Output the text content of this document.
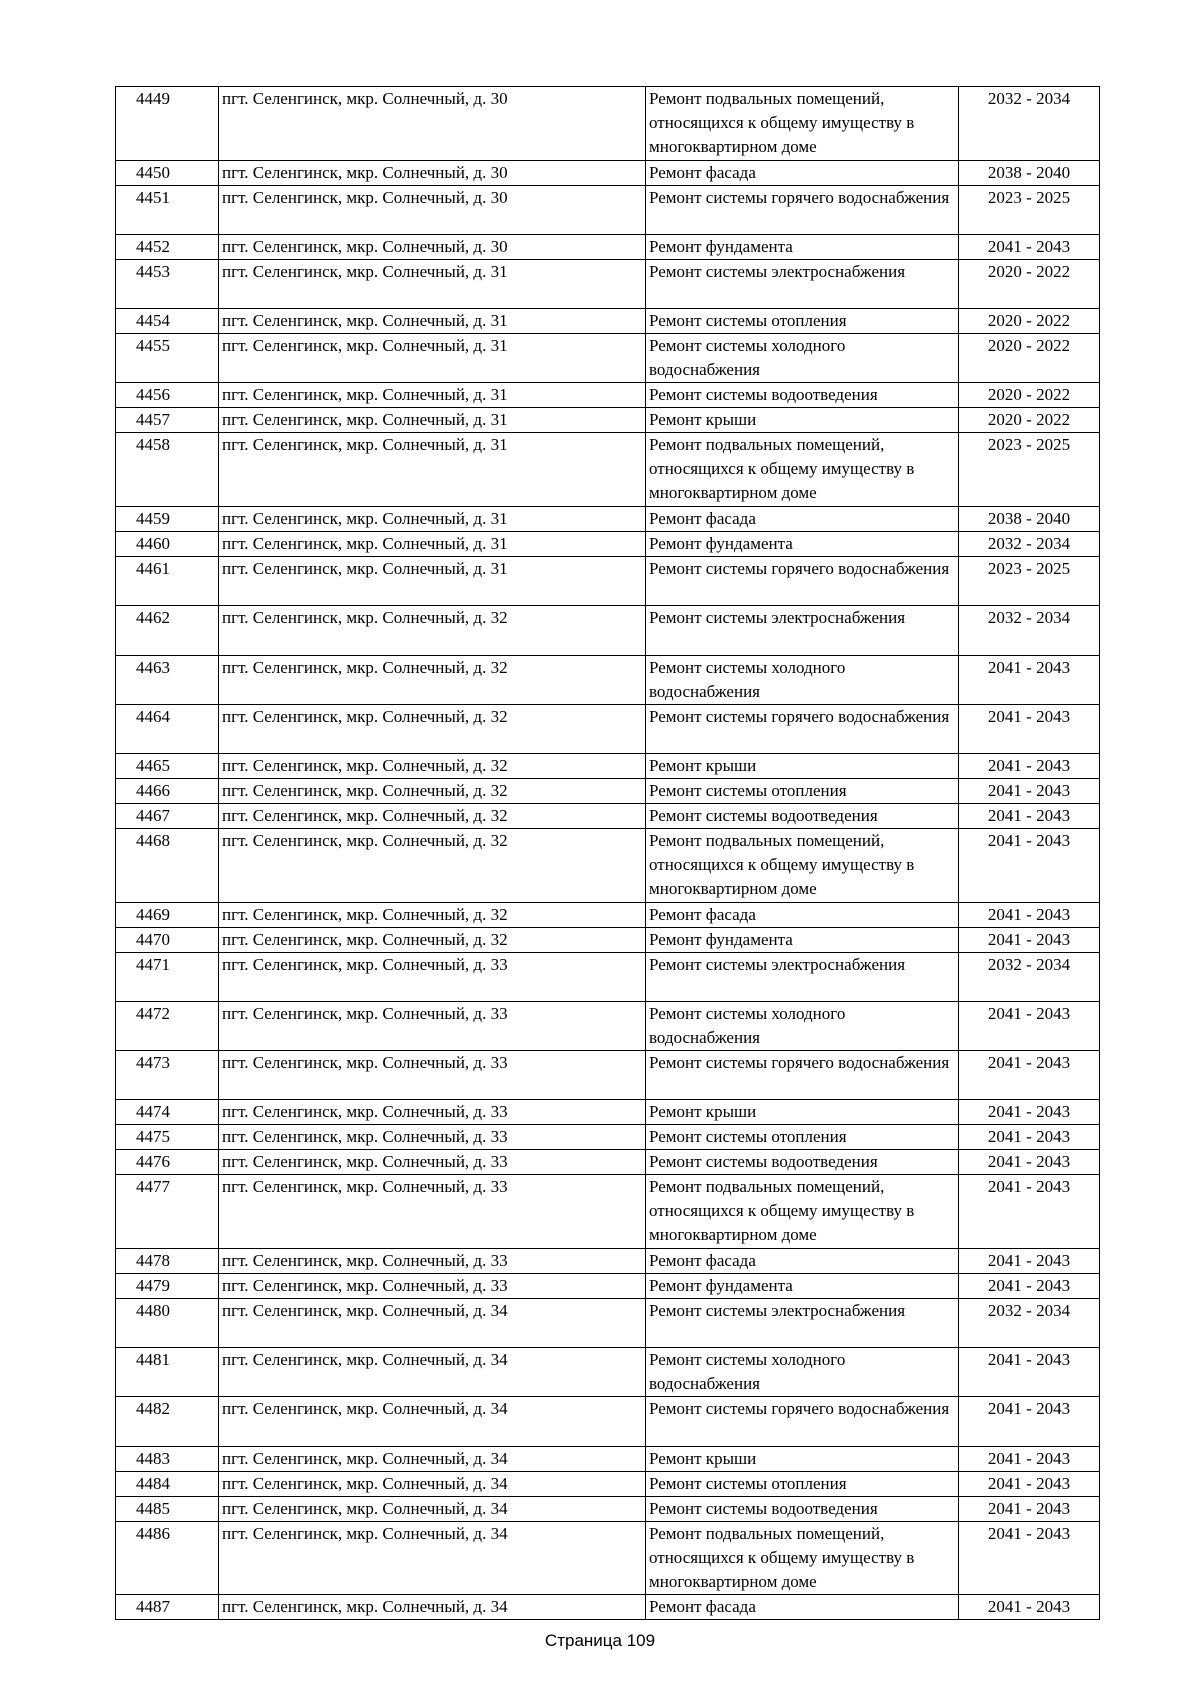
4449	пгт. Селенгинск, мкр. Солнечный, д. 30	Ремонт подвальных помещений, относящихся к общему имуществу в многоквартирном доме	2032 - 2034
4450	пгт. Селенгинск, мкр. Солнечный, д. 30	Ремонт фасада	2038 - 2040
4451	пгт. Селенгинск, мкр. Солнечный, д. 30	Ремонт системы горячего водоснабжения	2023 - 2025
4452	пгт. Селенгинск, мкр. Солнечный, д. 30	Ремонт фундамента	2041 - 2043
4453	пгт. Селенгинск, мкр. Солнечный, д. 31	Ремонт системы электроснабжения	2020 - 2022
4454	пгт. Селенгинск, мкр. Солнечный, д. 31	Ремонт системы отопления	2020 - 2022
4455	пгт. Селенгинск, мкр. Солнечный, д. 31	Ремонт системы холодного водоснабжения	2020 - 2022
4456	пгт. Селенгинск, мкр. Солнечный, д. 31	Ремонт системы водоотведения	2020 - 2022
4457	пгт. Селенгинск, мкр. Солнечный, д. 31	Ремонт крыши	2020 - 2022
4458	пгт. Селенгинск, мкр. Солнечный, д. 31	Ремонт подвальных помещений, относящихся к общему имуществу в многоквартирном доме	2023 - 2025
4459	пгт. Селенгинск, мкр. Солнечный, д. 31	Ремонт фасада	2038 - 2040
4460	пгт. Селенгинск, мкр. Солнечный, д. 31	Ремонт фундамента	2032 - 2034
4461	пгт. Селенгинск, мкр. Солнечный, д. 31	Ремонт системы горячего водоснабжения	2023 - 2025
4462	пгт. Селенгинск, мкр. Солнечный, д. 32	Ремонт системы электроснабжения	2032 - 2034
4463	пгт. Селенгинск, мкр. Солнечный, д. 32	Ремонт системы холодного водоснабжения	2041 - 2043
4464	пгт. Селенгинск, мкр. Солнечный, д. 32	Ремонт системы горячего водоснабжения	2041 - 2043
4465	пгт. Селенгинск, мкр. Солнечный, д. 32	Ремонт крыши	2041 - 2043
4466	пгт. Селенгинск, мкр. Солнечный, д. 32	Ремонт системы отопления	2041 - 2043
4467	пгт. Селенгинск, мкр. Солнечный, д. 32	Ремонт системы водоотведения	2041 - 2043
4468	пгт. Селенгинск, мкр. Солнечный, д. 32	Ремонт подвальных помещений, относящихся к общему имуществу в многоквартирном доме	2041 - 2043
4469	пгт. Селенгинск, мкр. Солнечный, д. 32	Ремонт фасада	2041 - 2043
4470	пгт. Селенгинск, мкр. Солнечный, д. 32	Ремонт фундамента	2041 - 2043
4471	пгт. Селенгинск, мкр. Солнечный, д. 33	Ремонт системы электроснабжения	2032 - 2034
4472	пгт. Селенгинск, мкр. Солнечный, д. 33	Ремонт системы холодного водоснабжения	2041 - 2043
4473	пгт. Селенгинск, мкр. Солнечный, д. 33	Ремонт системы горячего водоснабжения	2041 - 2043
4474	пгт. Селенгинск, мкр. Солнечный, д. 33	Ремонт крыши	2041 - 2043
4475	пгт. Селенгинск, мкр. Солнечный, д. 33	Ремонт системы отопления	2041 - 2043
4476	пгт. Селенгинск, мкр. Солнечный, д. 33	Ремонт системы водоотведения	2041 - 2043
4477	пгт. Селенгинск, мкр. Солнечный, д. 33	Ремонт подвальных помещений, относящихся к общему имуществу в многоквартирном доме	2041 - 2043
4478	пгт. Селенгинск, мкр. Солнечный, д. 33	Ремонт фасада	2041 - 2043
4479	пгт. Селенгинск, мкр. Солнечный, д. 33	Ремонт фундамента	2041 - 2043
4480	пгт. Селенгинск, мкр. Солнечный, д. 34	Ремонт системы электроснабжения	2032 - 2034
4481	пгт. Селенгинск, мкр. Солнечный, д. 34	Ремонт системы холодного водоснабжения	2041 - 2043
4482	пгт. Селенгинск, мкр. Солнечный, д. 34	Ремонт системы горячего водоснабжения	2041 - 2043
4483	пгт. Селенгинск, мкр. Солнечный, д. 34	Ремонт крыши	2041 - 2043
4484	пгт. Селенгинск, мкр. Солнечный, д. 34	Ремонт системы отопления	2041 - 2043
4485	пгт. Селенгинск, мкр. Солнечный, д. 34	Ремонт системы водоотведения	2041 - 2043
4486	пгт. Селенгинск, мкр. Солнечный, д. 34	Ремонт подвальных помещений, относящихся к общему имуществу в многоквартирном доме	2041 - 2043
4487	пгт. Селенгинск, мкр. Солнечный, д. 34	Ремонт фасада	2041 - 2043
Страница 109
